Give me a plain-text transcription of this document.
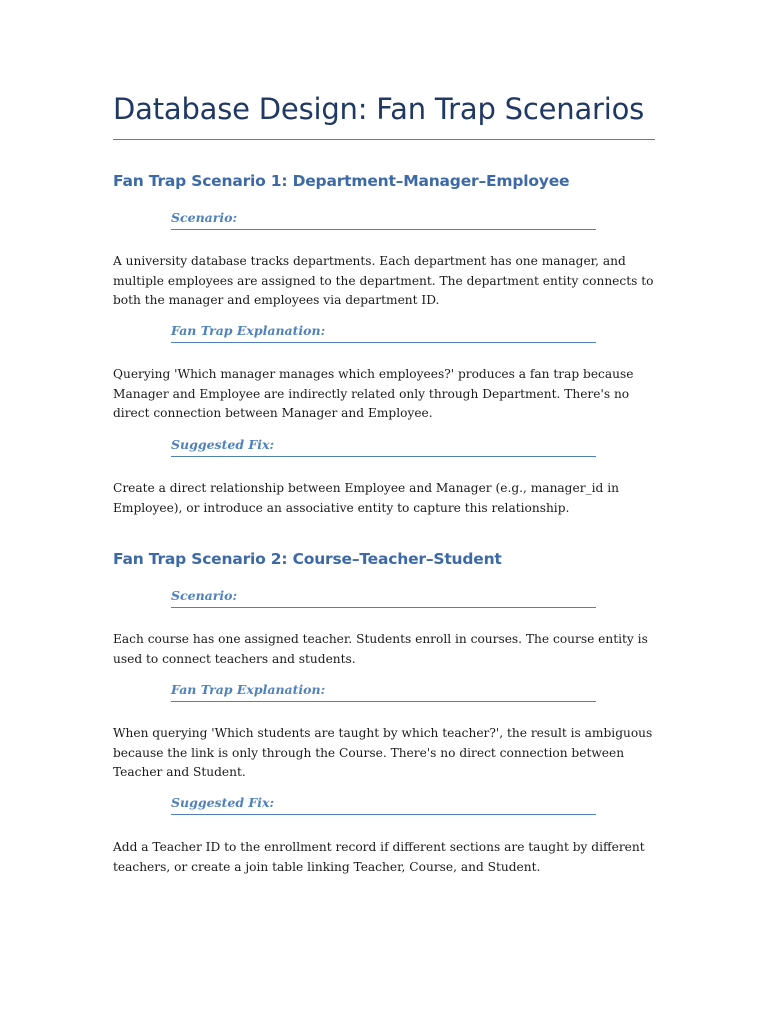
Database Design: Fan Trap Scenarios
Fan Trap Scenario 1: Department–Manager–Employee
Scenario:

A university database tracks departments. Each department has one manager, and multiple employees are assigned to the department. The department entity connects to both the manager and employees via department ID.

Fan Trap Explanation:

Querying 'Which manager manages which employees?' produces a fan trap because Manager and Employee are indirectly related only through Department. There's no direct connection between Manager and Employee.

Suggested Fix:

Create a direct relationship between Employee and Manager (e.g., manager_id in Employee), or introduce an associative entity to capture this relationship.

Fan Trap Scenario 2: Course–Teacher–Student
Scenario:

Each course has one assigned teacher. Students enroll in courses. The course entity is used to connect teachers and students.

Fan Trap Explanation:

When querying 'Which students are taught by which teacher?', the result is ambiguous because the link is only through the Course. There's no direct connection between Teacher and Student.

Suggested Fix:

Add a Teacher ID to the enrollment record if different sections are taught by different teachers, or create a join table linking Teacher, Course, and Student.
